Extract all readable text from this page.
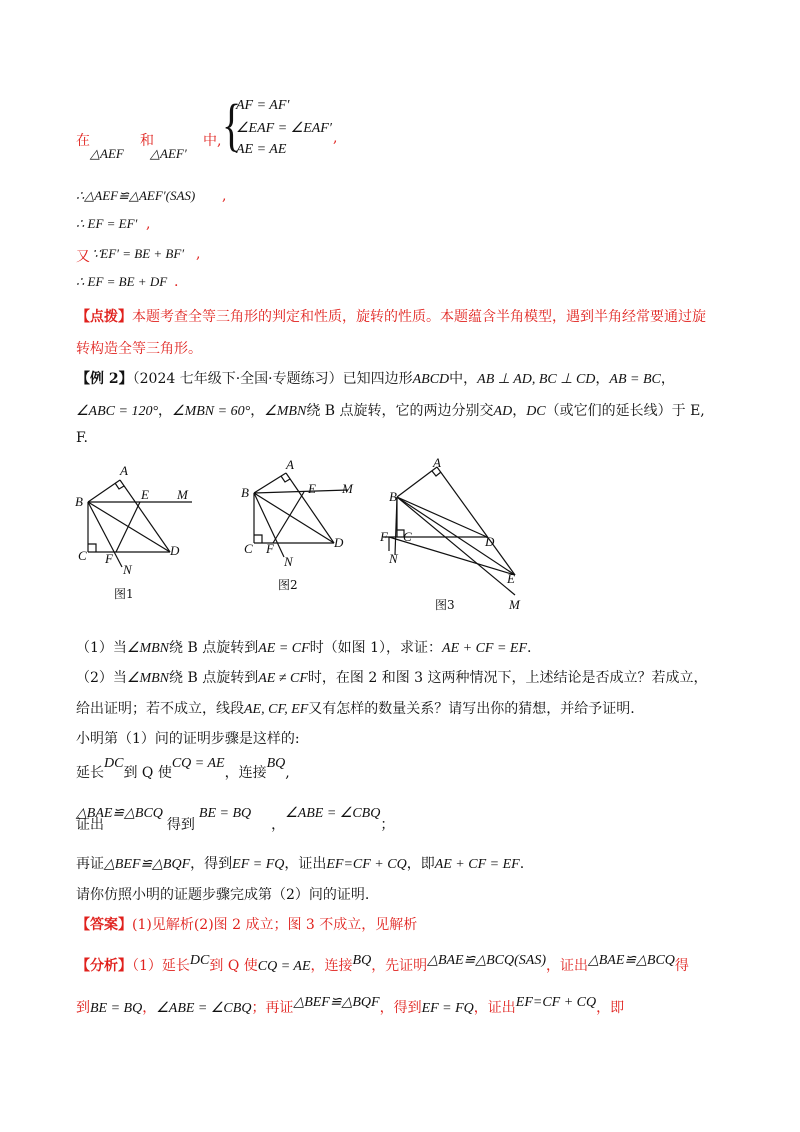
在
△AEF
和
△AEF′
中, {
AF = AF′
∠EAF = ∠EAF′
AE = AE
,
∴△AEF≌△AEF′(SAS) ,
∴ EF = EF′ ,
又 ∵EF′ = BE + BF′ ,
∴ EF = BE + DF .
【点拨】本题考查全等三角形的判定和性质，旋转的性质。本题蕴含半角模型，遇到半角经常要通过旋
转构造全等三角形。
【例 2】（2024 七年级下·全国·专题练习）已知四边形ABCD中，AB ⊥ AD, BC ⊥ CD，AB = BC，
∠ABC = 120°，∠MBN = 60°，∠MBN绕 B 点旋转，它的两边分别交AD，DC（或它们的延长线）于 E,
F.
A
B	E M
C F
D
N
图1
A
B	E M
C F	D
N
图2
A
B
F C	D
N
E
M
图3
（1）当∠MBN绕 B 点旋转到AE = CF时（如图 1），求证：AE + CF = EF.
（2）当∠MBN绕 B 点旋转到AE ≠ CF时，在图 2 和图 3 这两种情况下，上述结论是否成立？若成立，
给出证明；若不成立，线段AE, CF, EF又有怎样的数量关系？请写出你的猜想，并给予证明.
小明第（1）问的证明步骤是这样的:
延长DC到 Q 使CQ = AE，连接BQ,
证出△BAE≌△BCQ得到BE = BQ，∠ABE = ∠CBQ；
再证△BEF≌△BQF，得到EF = FQ，证出EF=CF + CQ，即AE + CF = EF.
请你仿照小明的证题步骤完成第（2）问的证明.
【答案】(1)见解析(2)图 2 成立；图 3 不成立，见解析
【分析】（1）延长DC到 Q 使CQ = AE，连接BQ，先证明△BAE≌△BCQ(SAS)，证出△BAE≌△BCQ得
到BE = BQ，∠ABE = ∠CBQ；再证△BEF≌△BQF，得到EF = FQ，证出EF=CF + CQ，即
